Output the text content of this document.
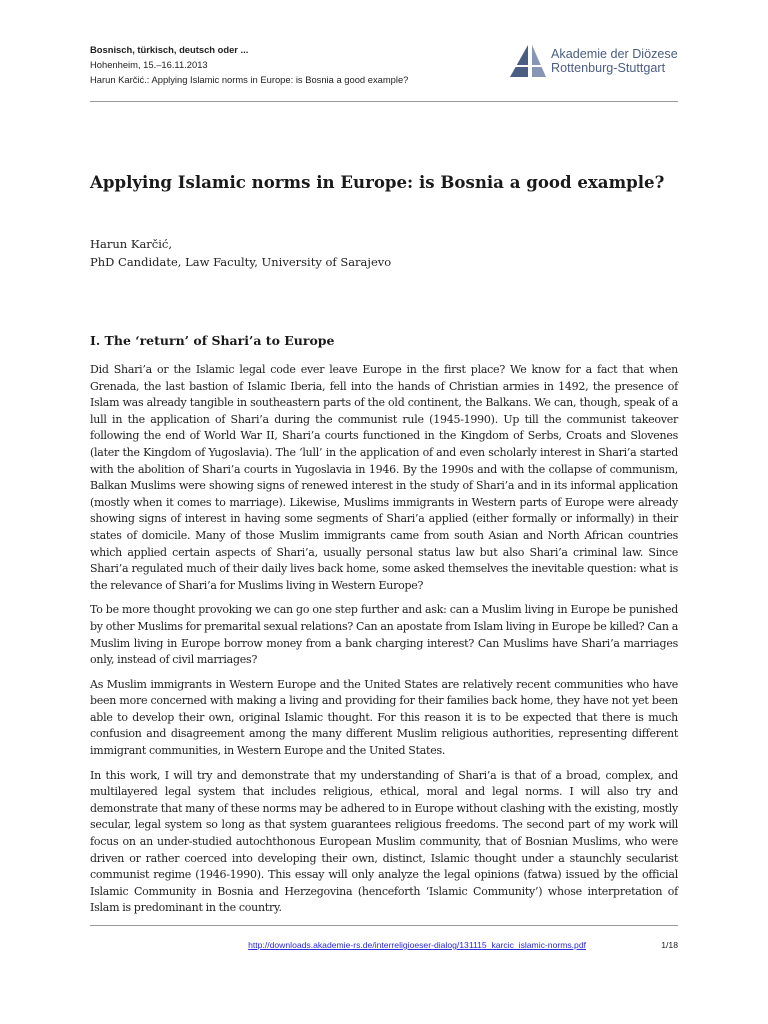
Bosnisch, türkisch, deutsch oder ...
Hohenheim, 15.–16.11.2013
Harun Karčić.: Applying Islamic norms in Europe: is Bosnia a good example?
Akademie der Diözese
Rottenburg-Stuttgart
Applying Islamic norms in Europe: is Bosnia a good example?
Harun Karčić,
PhD Candidate, Law Faculty, University of Sarajevo
I. The ‘return’ of Shari’a to Europe

Did Shari’a or the Islamic legal code ever leave Europe in the first place? We know for a fact that when Grenada, the last bastion of Islamic Iberia, fell into the hands of Christian armies in 1492, the presence of Islam was already tangible in southeastern parts of the old continent, the Balkans. We can, though, speak of a lull in the application of Shari’a during the communist rule (1945-1990). Up till the communist takeover following the end of World War II, Shari’a courts functioned in the Kingdom of Serbs, Croats and Slovenes (later the Kingdom of Yugoslavia). The ‘lull’ in the application of and even scholarly interest in Shari’a started with the abolition of Shari’a courts in Yugoslavia in 1946. By the 1990s and with the collapse of communism, Balkan Muslims were showing signs of renewed interest in the study of Shari’a and in its informal application (mostly when it comes to marriage). Likewise, Muslims immigrants in Western parts of Europe were already showing signs of interest in having some segments of Shari’a applied (either formally or informally) in their states of domicile. Many of those Muslim immigrants came from south Asian and North African countries which applied certain aspects of Shari’a, usually personal status law but also Shari’a criminal law. Since Shari’a regulated much of their daily lives back home, some asked themselves the inevitable question: what is the relevance of Shari’a for Muslims living in Western Europe?

To be more thought provoking we can go one step further and ask: can a Muslim living in Europe be punished by other Muslims for premarital sexual relations? Can an apostate from Islam living in Europe be killed? Can a Muslim living in Europe borrow money from a bank charging interest? Can Muslims have Shari’a marriages only, instead of civil marriages?

As Muslim immigrants in Western Europe and the United States are relatively recent communities who have been more concerned with making a living and providing for their families back home, they have not yet been able to develop their own, original Islamic thought. For this reason it is to be expected that there is much confusion and disagreement among the many different Muslim religious authorities, representing different immigrant communities, in Western Europe and the United States.

In this work, I will try and demonstrate that my understanding of Shari’a is that of a broad, complex, and multilayered legal system that includes religious, ethical, moral and legal norms. I will also try and demonstrate that many of these norms may be adhered to in Europe without clashing with the existing, mostly secular, legal system so long as that system guarantees religious freedoms. The second part of my work will focus on an under-studied autochthonous European Muslim community, that of Bosnian Muslims, who were driven or rather coerced into developing their own, distinct, Islamic thought under a staunchly secularist communist regime (1946-1990). This essay will only analyze the legal opinions (fatwa) issued by the official Islamic Community in Bosnia and Herzegovina (henceforth ‘Islamic Community’) whose interpretation of Islam is predominant in the country.

http://downloads.akademie-rs.de/interreligioeser-dialog/131115_karcic_islamic-norms.pdf	1/18
